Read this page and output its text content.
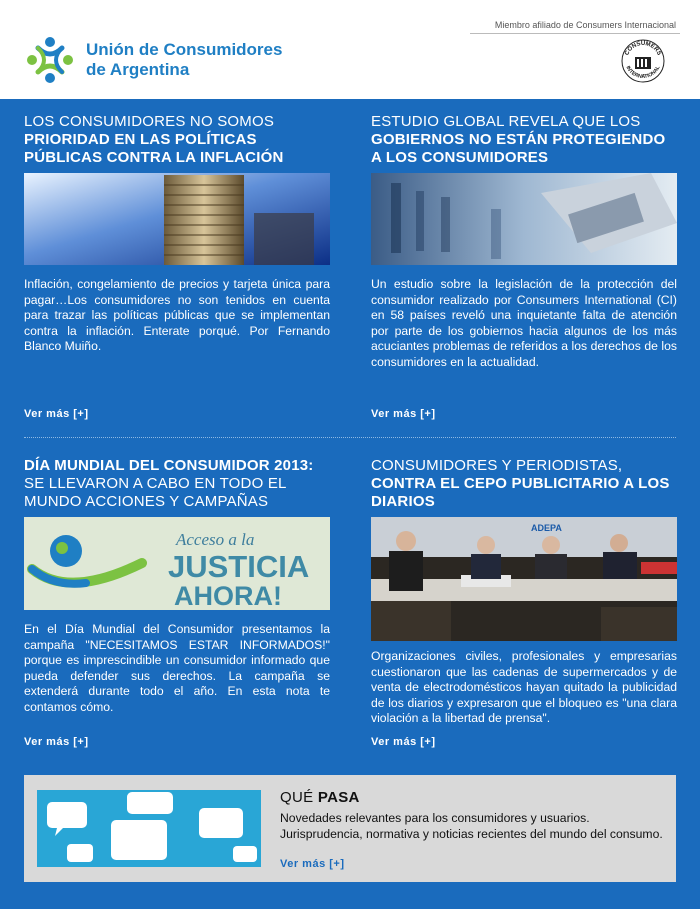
Unión de Consumidores
de Argentina
Miembro afiliado de Consumers Internacional
CONSUMERS
INTERNATIONAL
LOS CONSUMIDORES NO SOMOS
PRIORIDAD EN LAS POLÍTICAS PÚBLICAS CONTRA LA INFLACIÓN
Inflación, congelamiento de precios y tarjeta única para pagar…Los consumidores no son tenidos en cuenta para trazar las políticas públicas que se implementan contra la inflación. Enterate porqué. Por Fernando Blanco Muiño.
Ver más [+]
ESTUDIO GLOBAL REVELA QUE LOS
GOBIERNOS NO ESTÁN PROTEGIENDO A LOS CONSUMIDORES
Un estudio sobre la legislación de la protección del consumidor realizado por Consumers International (CI) en 58 países reveló una inquietante falta de atención por parte de los gobiernos hacia algunos de los más acuciantes problemas de referidos a los derechos de los consumidores en la actualidad.
Ver más [+]
DÍA MUNDIAL DEL CONSUMIDOR 2013:
SE LLEVARON A CABO EN TODO EL MUNDO ACCIONES Y CAMPAÑAS
Acceso a la
JUSTICIA
AHORA!
En el Día Mundial del Consumidor presentamos la campaña "NECESITAMOS ESTAR INFORMADOS!" porque es imprescindible un consumidor informado que pueda defender sus derechos. La campaña se extenderá durante todo el año. En esta nota te contamos cómo.
Ver más [+]
CONSUMIDORES Y PERIODISTAS,
CONTRA EL CEPO PUBLICITARIO A LOS DIARIOS
ADEPA
Organizaciones civiles, profesionales y empresarias cuestionaron que las cadenas de supermercados y de venta de electrodomésticos hayan quitado la publicidad de los diarios y expresaron que el bloqueo es "una clara violación a la libertad de prensa".
Ver más [+]
QUÉ PASA
Novedades relevantes para los consumidores y usuarios. Jurisprudencia, normativa y noticias recientes del mundo del consumo.
Ver más [+]
